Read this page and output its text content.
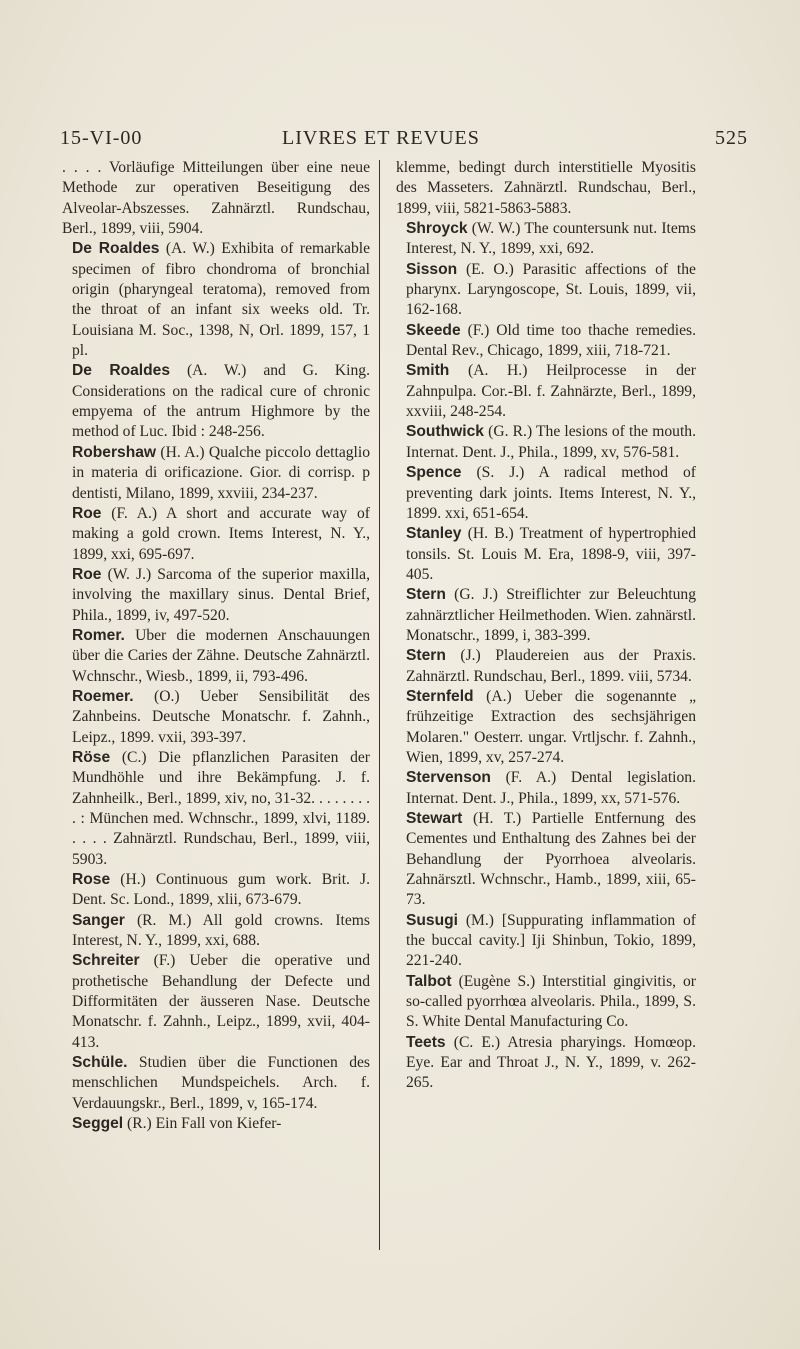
15-VI-00	LIVRES ET REVUES	525

. . . . Vorläufige Mitteilungen über eine neue Methode zur operativen Beseitigung des Alveolar-Abszesses. Zahnärztl. Rundschau, Berl., 1899, viii, 5904.

De Roaldes (A. W.) Exhibita of remarkable specimen of fibro chondroma of bronchial origin (pharyngeal teratoma), removed from the throat of an infant six weeks old. Tr. Louisiana M. Soc., 1398, N, Orl. 1899, 157, 1 pl.

De Roaldes (A. W.) and G. King. Considerations on the radical cure of chronic empyema of the antrum Highmore by the method of Luc. Ibid : 248-256.

Robershaw (H. A.) Qualche piccolo dettaglio in materia di orificazione. Gior. di corrisp. p dentisti, Milano, 1899, xxviii, 234-237.

Roe (F. A.) A short and accurate way of making a gold crown. Items Interest, N. Y., 1899, xxi, 695-697.

Roe (W. J.) Sarcoma of the superior maxilla, involving the maxillary sinus. Dental Brief, Phila., 1899, iv, 497-520.

Romer. Uber die modernen Anschauungen über die Caries der Zähne. Deutsche Zahnärztl. Wchnschr., Wiesb., 1899, ii, 793-496.

Roemer. (O.) Ueber Sensibilität des Zahnbeins. Deutsche Monatschr. f. Zahnh., Leipz., 1899. vxii, 393-397.

Röse (C.) Die pflanzlichen Parasiten der Mundhöhle und ihre Bekämpfung. J. f. Zahnheilk., Berl., 1899, xiv, no, 31-32. . . . . . . . . : München med. Wchnschr., 1899, xlvi, 1189. . . . . Zahnärztl. Rundschau, Berl., 1899, viii, 5903.

Rose (H.) Continuous gum work. Brit. J. Dent. Sc. Lond., 1899, xlii, 673-679.

Sanger (R. M.) All gold crowns. Items Interest, N. Y., 1899, xxi, 688.

Schreiter (F.) Ueber die operative und prothetische Behandlung der Defecte und Difformitäten der äusseren Nase. Deutsche Monatschr. f. Zahnh., Leipz., 1899, xvii, 404-413.

Schüle. Studien über die Functionen des menschlichen Mundspeichels. Arch. f. Verdauungskr., Berl., 1899, v, 165-174.

Seggel (R.) Ein Fall von Kiefer-

klemme, bedingt durch interstitielle Myositis des Masseters. Zahnärztl. Rundschau, Berl., 1899, viii, 5821-5863-5883.

Shroyck (W. W.) The countersunk nut. Items Interest, N. Y., 1899, xxi, 692.

Sisson (E. O.) Parasitic affections of the pharynx. Laryngoscope, St. Louis, 1899, vii, 162-168.

Skeede (F.) Old time too thache remedies. Dental Rev., Chicago, 1899, xiii, 718-721.

Smith (A. H.) Heilprocesse in der Zahnpulpa. Cor.-Bl. f. Zahnärzte, Berl., 1899, xxviii, 248-254.

Southwick (G. R.) The lesions of the mouth. Internat. Dent. J., Phila., 1899, xv, 576-581.

Spence (S. J.) A radical method of preventing dark joints. Items Interest, N. Y., 1899. xxi, 651-654.

Stanley (H. B.) Treatment of hypertrophied tonsils. St. Louis M. Era, 1898-9, viii, 397-405.

Stern (G. J.) Streiflichter zur Beleuchtung zahnärztlicher Heilmethoden. Wien. zahnärstl. Monatschr., 1899, i, 383-399.

Stern (J.) Plaudereien aus der Praxis. Zahnärztl. Rundschau, Berl., 1899. viii, 5734.

Sternfeld (A.) Ueber die sogenannte „ frühzeitige Extraction des sechsjährigen Molaren." Oesterr. ungar. Vrtljschr. f. Zahnh., Wien, 1899, xv, 257-274.

Stervenson (F. A.) Dental legislation. Internat. Dent. J., Phila., 1899, xx, 571-576.

Stewart (H. T.) Partielle Entfernung des Cementes und Enthaltung des Zahnes bei der Behandlung der Pyorrhoea alveolaris. Zahnärsztl. Wchnschr., Hamb., 1899, xiii, 65-73.

Susugi (M.) [Suppurating inflammation of the buccal cavity.] Iji Shinbun, Tokio, 1899, 221-240.

Talbot (Eugène S.) Interstitial gingivitis, or so-called pyorrhœa alveolaris. Phila., 1899, S. S. White Dental Manufacturing Co.

Teets (C. E.) Atresia pharyings. Homœop. Eye. Ear and Throat J., N. Y., 1899, v. 262-265.
